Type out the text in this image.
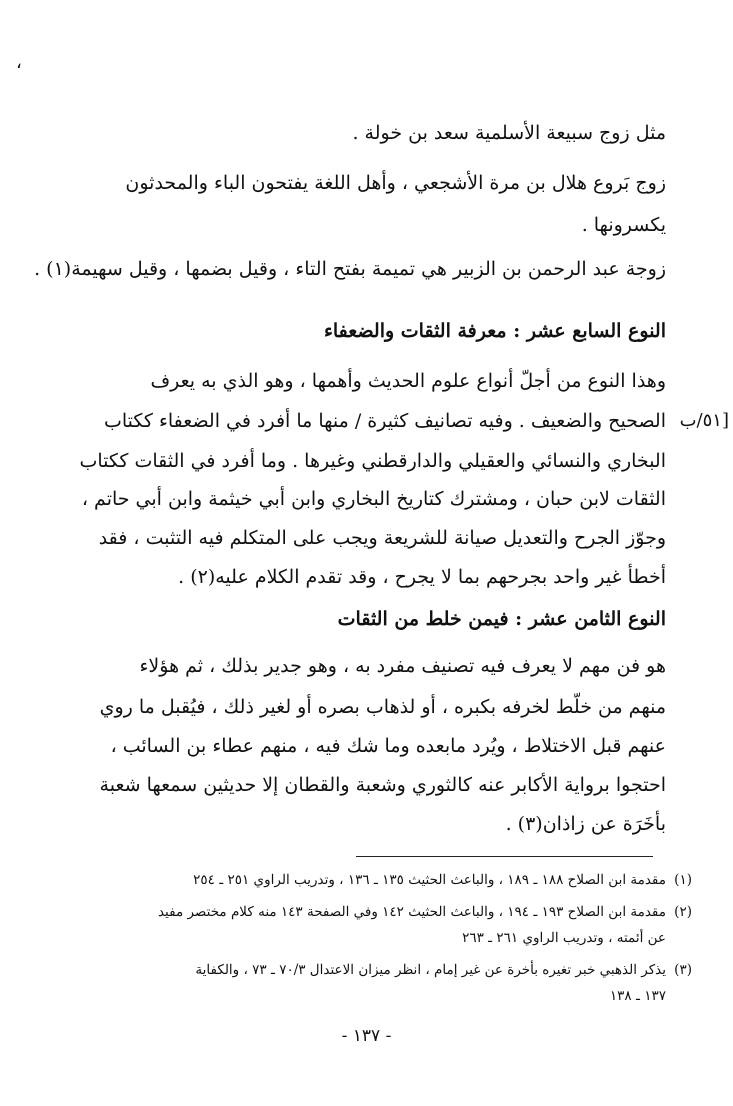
،
مثل زوج سبيعة الأسلمية سعد بن خولة .
زوج بَروع هلال بن مرة الأشجعي ، وأهل اللغة يفتحون الباء والمحدثون
يكسرونها .
زوجة عبد الرحمن بن الزبير هي تميمة بفتح التاء ، وقيل بضمها ، وقيل سهيمة(١) .
النوع السابع عشر : معرفة الثقات والضعفاء
وهذا النوع من أجلّ أنواع علوم الحديث وأهمها ، وهو الذي به يعرف
الصحيح والضعيف . وفيه تصانيف كثيرة / منها ما أفرد في الضعفاء ككتاب
البخاري والنسائي والعقيلي والدارقطني وغيرها . وما أفرد في الثقات ككتاب
الثقات لابن حبان ، ومشترك كتاريخ البخاري وابن أبي خيثمة وابن أبي حاتم ،
وجوّز الجرح والتعديل صيانة للشريعة ويجب على المتكلم فيه التثبت ، فقد
أخطأ غير واحد بجرحهم بما لا يجرح ، وقد تقدم الكلام عليه(٢) .
[٥١/ب
النوع الثامن عشر : فيمن خلط من الثقات
هو فن مهم لا يعرف فيه تصنيف مفرد به ، وهو جدير بذلك ، ثم هؤلاء
منهم من خلّط لخرفه بكبره ، أو لذهاب بصره أو لغير ذلك ، فيُقبل ما روي
عنهم قبل الاختلاط ، ويُرد مابعده وما شك فيه ، منهم عطاء بن السائب ،
احتجوا برواية الأكابر عنه كالثوري وشعبة والقطان إلا حديثين سمعها شعبة
بأخَرَة عن زاذان(٣) .
(١)
مقدمة ابن الصلاح ١٨٨ ـ ١٨٩ ، والباعث الحثيث ١٣٥ ـ ١٣٦ ، وتدريب الراوي ٢٥١ ـ ٢٥٤
(٢)
مقدمة ابن الصلاح ١٩٣ ـ ١٩٤ ، والباعث الحثيث ١٤٢ وفي الصفحة ١٤٣ منه كلام مختصر مفيد
عن أئمته ، وتدريب الراوي ٢٦١ ـ ٢٦٣
(٣)
يذكر الذهبي خبر تغيره بأخرة عن غير إمام ، انظر ميزان الاعتدال ٧٠/٣ ـ ٧٣ ، والكفاية
١٣٧ ـ ١٣٨
- ١٣٧ -
